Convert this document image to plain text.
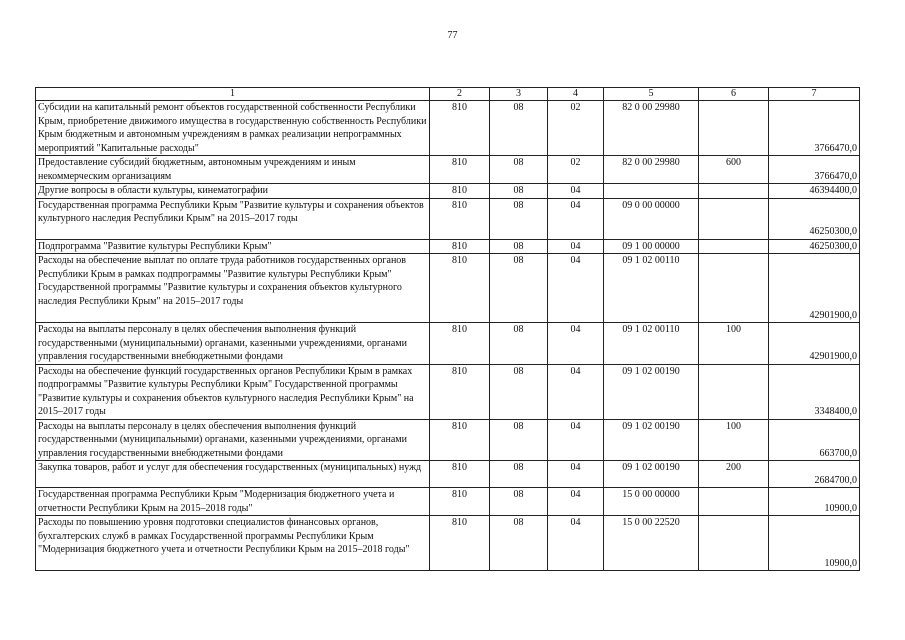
77
1	2	3	4	5	6	7
Субсидии на капитальный ремонт объектов государственной собственности Республики Крым, приобретение движимого имущества в государственную собственность Республики Крым бюджетным и автономным учреждениям в рамках реализации непрограммных мероприятий "Капитальные расходы"	810	08	02	82 0 00 29980		3766470,0
Предоставление субсидий бюджетным, автономным учреждениям и иным некоммерческим организациям	810	08	02	82 0 00 29980	600	3766470,0
Другие вопросы в области культуры, кинематографии	810	08	04			46394400,0
Государственная программа Республики Крым "Развитие культуры и сохранения объектов культурного наследия Республики Крым" на 2015–2017 годы	810	08	04	09 0 00 00000		46250300,0
Подпрограмма "Развитие культуры Республики Крым"	810	08	04	09 1 00 00000		46250300,0
Расходы на обеспечение выплат по оплате труда работников государственных органов Республики Крым в рамках подпрограммы "Развитие культуры Республики Крым" Государственной программы "Развитие культуры и сохранения объектов культурного наследия Республики Крым" на 2015–2017 годы	810	08	04	09 1 02 00110		42901900,0
Расходы на выплаты персоналу в целях обеспечения выполнения функций государственными (муниципальными) органами, казенными учреждениями, органами управления государственными внебюджетными фондами	810	08	04	09 1 02 00110	100	42901900,0
Расходы на обеспечение функций государственных органов Республики Крым в рамках подпрограммы "Развитие культуры Республики Крым" Государственной программы "Развитие культуры и сохранения объектов культурного наследия Республики Крым" на 2015–2017 годы	810	08	04	09 1 02 00190		3348400,0
Расходы на выплаты персоналу в целях обеспечения выполнения функций государственными (муниципальными) органами, казенными учреждениями, органами управления государственными внебюджетными фондами	810	08	04	09 1 02 00190	100	663700,0
Закупка товаров, работ и услуг для обеспечения государственных (муниципальных) нужд	810	08	04	09 1 02 00190	200	2684700,0
Государственная программа Республики Крым "Модернизация бюджетного учета и отчетности Республики Крым на 2015–2018 годы"	810	08	04	15 0 00 00000		10900,0
Расходы по повышению уровня подготовки специалистов финансовых органов, бухгалтерских служб в рамках Государственной программы Республики Крым "Модернизация бюджетного учета и отчетности Республики Крым на 2015–2018 годы"	810	08	04	15 0 00 22520		10900,0
